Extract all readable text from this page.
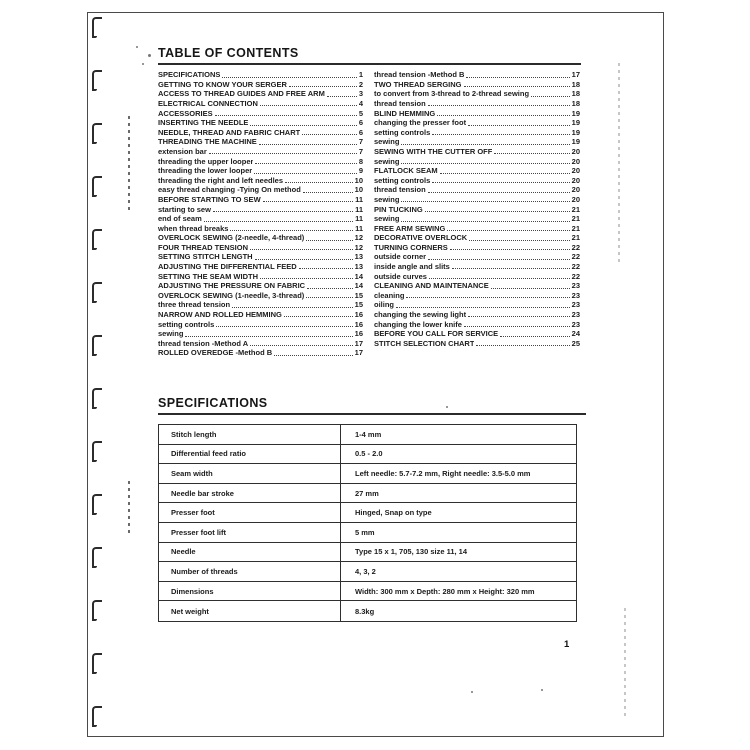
TABLE OF CONTENTS
SPECIFICATIONS	1
GETTING TO KNOW YOUR SERGER	2
ACCESS TO THREAD GUIDES AND FREE ARM	3
ELECTRICAL CONNECTION	4
ACCESSORIES	5
INSERTING THE NEEDLE	6
NEEDLE, THREAD AND FABRIC CHART	6
THREADING THE MACHINE	7
extension bar	7
threading the upper looper	8
threading the lower looper	9
threading the right and left needles	10
easy thread changing -Tying On method	10
BEFORE STARTING TO SEW	11
starting to sew	11
end of seam	11
when thread breaks	11
OVERLOCK SEWING (2-needle, 4-thread)	12
FOUR THREAD TENSION	12
SETTING STITCH LENGTH	13
ADJUSTING THE DIFFERENTIAL FEED	13
SETTING THE SEAM WIDTH	14
ADJUSTING THE PRESSURE ON FABRIC	14
OVERLOCK SEWING (1-needle, 3-thread)	15
three thread tension	15
NARROW AND ROLLED HEMMING	16
setting controls	16
sewing	16
thread tension -Method A	17
ROLLED OVEREDGE -Method B	17
thread tension -Method B	17
TWO THREAD SERGING	18
to convert from 3-thread to 2-thread sewing	18
thread tension	18
BLIND HEMMING	19
changing the presser foot	19
setting controls	19
sewing	19
SEWING WITH THE CUTTER OFF	20
sewing	20
FLATLOCK SEAM	20
setting controls	20
thread tension	20
sewing	20
PIN TUCKING	21
sewing	21
FREE ARM SEWING	21
DECORATIVE OVERLOCK	21
TURNING CORNERS	22
outside corner	22
inside angle and slits	22
outside curves	22
CLEANING AND MAINTENANCE	23
cleaning	23
oiling	23
changing the sewing light	23
changing the lower knife	23
BEFORE YOU CALL FOR SERVICE	24
STITCH SELECTION CHART	25
SPECIFICATIONS
Stitch length	1-4 mm
Differential feed ratio	0.5 - 2.0
Seam width	Left needle: 5.7-7.2 mm, Right needle: 3.5-5.0 mm
Needle bar stroke	27 mm
Presser foot	Hinged, Snap on type
Presser foot lift	5 mm
Needle	Type 15 x 1, 705, 130 size 11, 14
Number of threads	4, 3, 2
Dimensions	Width: 300 mm x Depth: 280 mm x Height: 320 mm
Net weight	8.3kg
1
